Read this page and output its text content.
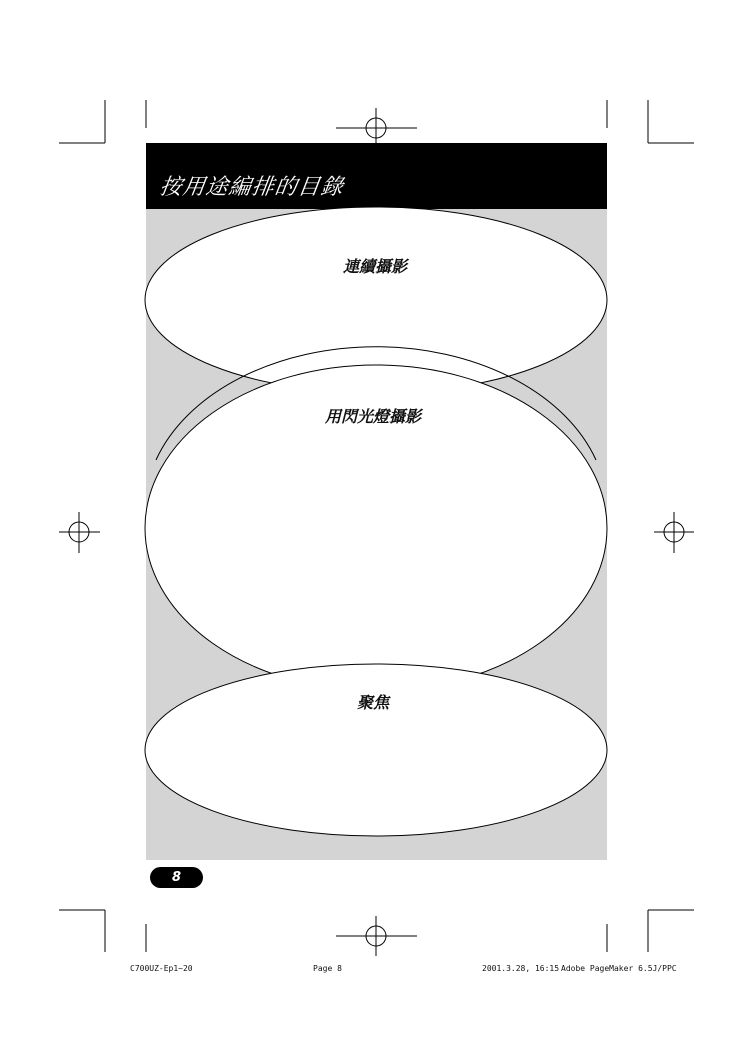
按用途編排的目錄
連續攝影
用閃光燈攝影
聚焦
8
C700UZ-Ep1~20	Page 8	2001.3.28, 16:15 Adobe PageMaker 6.5J/PPC
